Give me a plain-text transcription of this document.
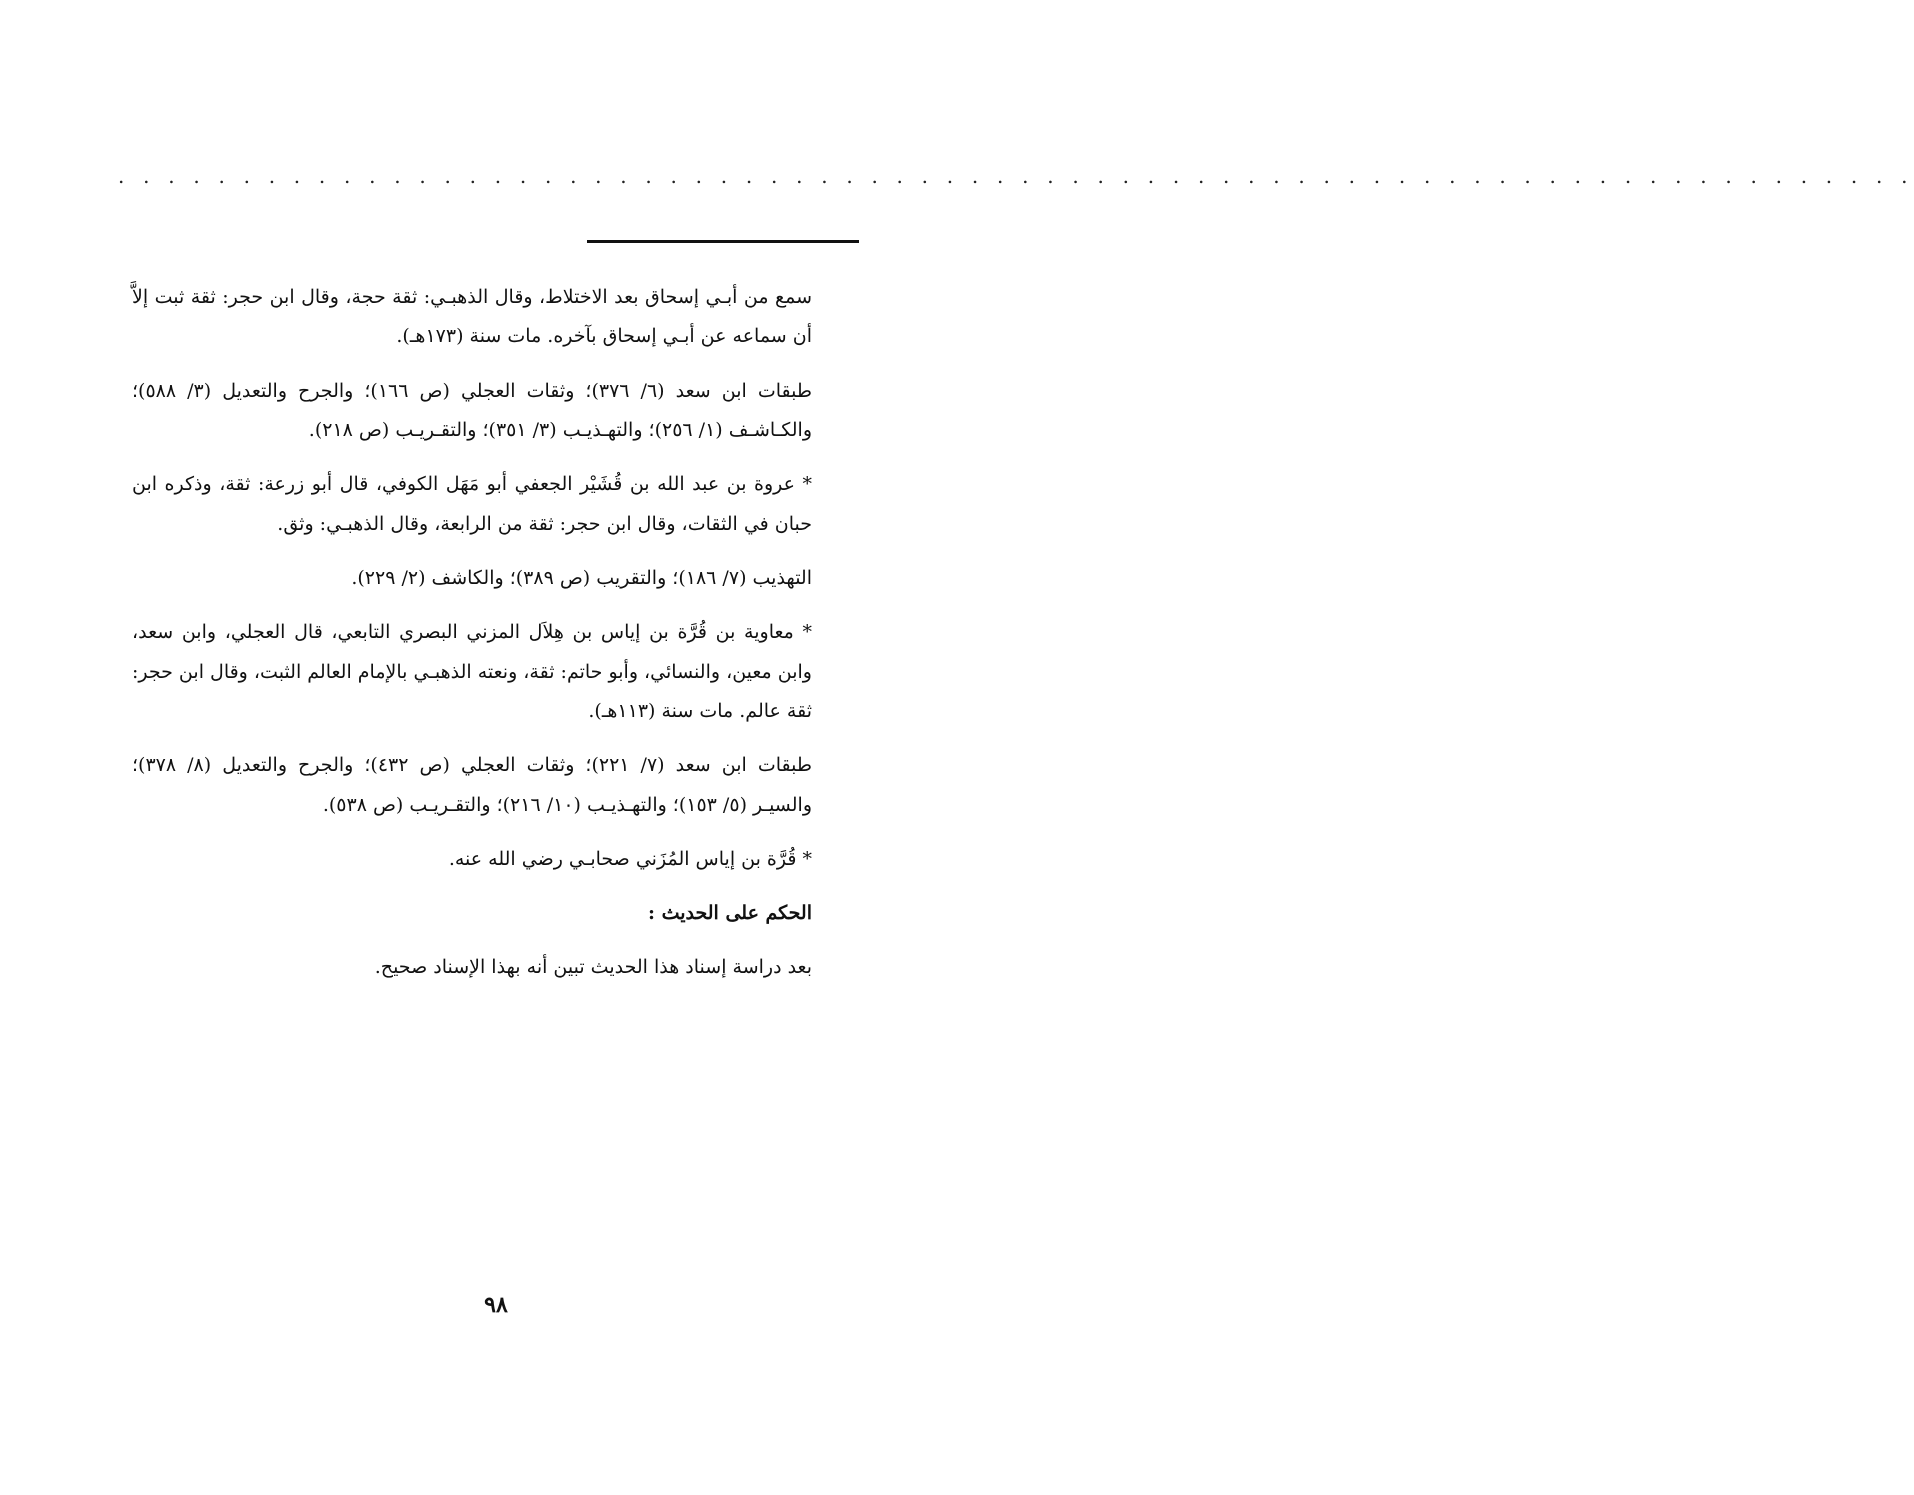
. . . . . . . . . . . . . . . . . . . . . . . . . . . . . . . . . . . . . . . . . . . . . . . . . . . . . . . . . . . . . . . . . . . . . . . .

سمع من أبـي إسحاق بعد الاختلاط، وقال الذهبـي: ثقة حجة، وقال ابن حجر: ثقة ثبت إلاَّ أن سماعه عن أبـي إسحاق بآخره. مات سنة (١٧٣هـ).

طبقات ابن سعد (٦/ ٣٧٦)؛ وثقات العجلي (ص ١٦٦)؛ والجرح والتعديل (٣/ ٥٨٨)؛ والكـاشـف (١/ ٢٥٦)؛ والتهـذيـب (٣/ ٣٥١)؛ والتقـريـب (ص ٢١٨).

* عروة بن عبد الله بن قُشَيْر الجعفي أبو مَهَل الكوفي، قال أبو زرعة: ثقة، وذكره ابن حبان في الثقات، وقال ابن حجر: ثقة من الرابعة، وقال الذهبـي: وثق.

التهذيب (٧/ ١٨٦)؛ والتقريب (ص ٣٨٩)؛ والكاشف (٢/ ٢٢٩).

* معاوية بن قُرَّة بن إياس بن هِلاَل المزني البصري التابعي، قال العجلي، وابن سعد، وابن معين، والنسائي، وأبو حاتم: ثقة، ونعته الذهبـي بالإمام العالم الثبت، وقال ابن حجر: ثقة عالم. مات سنة (١١٣هـ).

طبقات ابن سعد (٧/ ٢٢١)؛ وثقات العجلي (ص ٤٣٢)؛ والجرح والتعديل (٨/ ٣٧٨)؛ والسيـر (٥/ ١٥٣)؛ والتهـذيـب (١٠/ ٢١٦)؛ والتقـريـب (ص ٥٣٨).

* قُرَّة بن إياس المُزَني صحابـي رضي الله عنه.

الحكم على الحديث :

بعد دراسة إسناد هذا الحديث تبين أنه بهذا الإسناد صحيح.

٩٨
